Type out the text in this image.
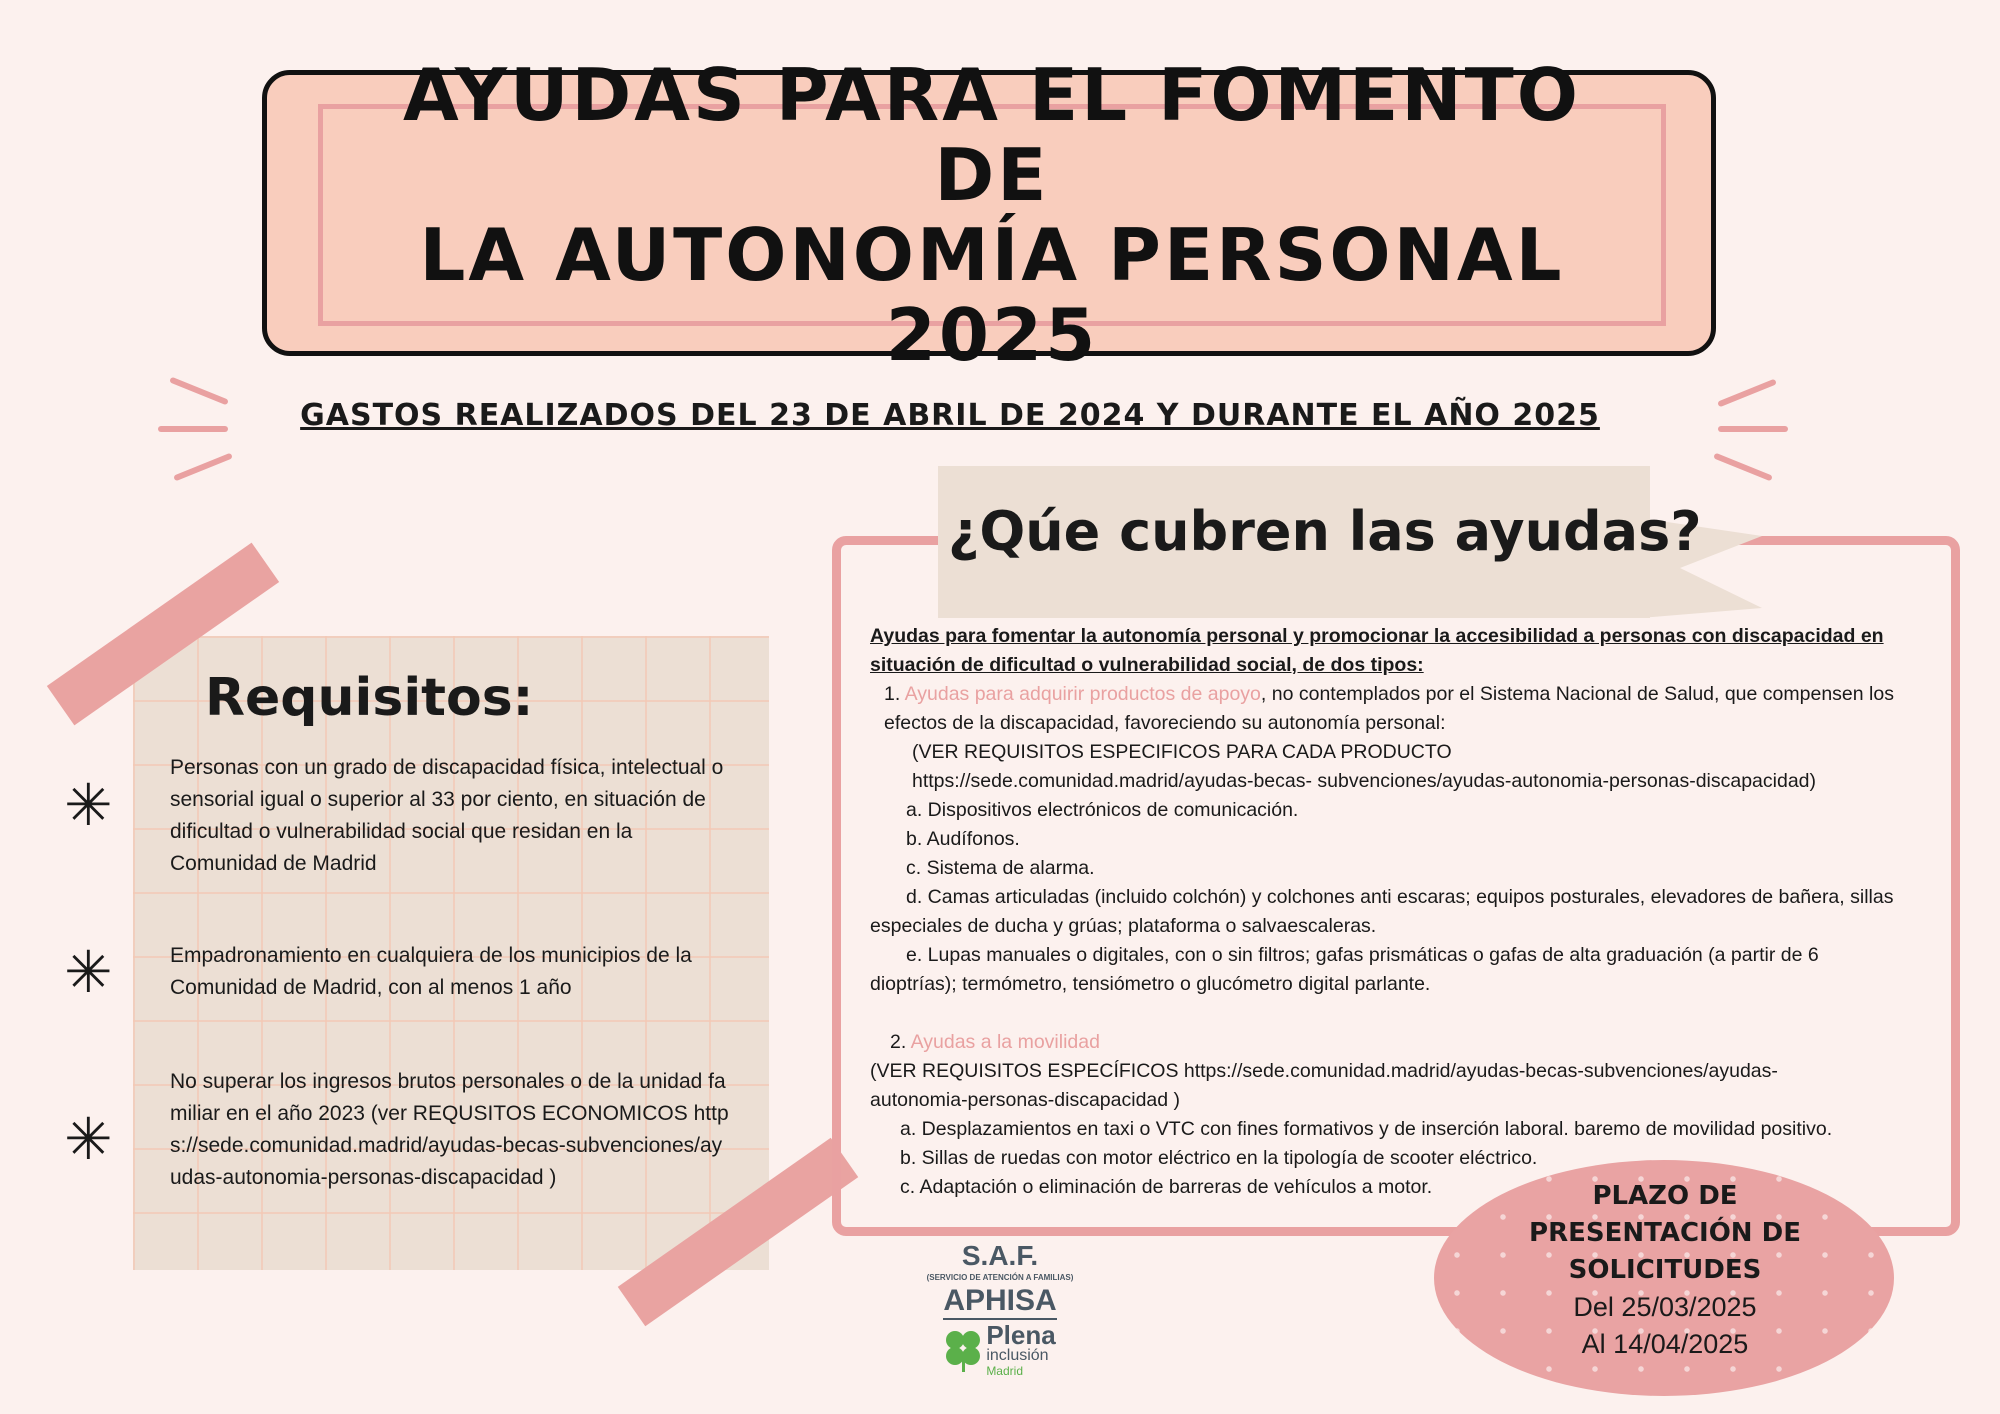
AYUDAS PARA EL FOMENTO DE
LA AUTONOMÍA PERSONAL 2025
GASTOS REALIZADOS DEL 23 DE ABRIL DE 2024 Y DURANTE EL AÑO 2025
Requisitos:
✳
Personas con un grado de discapacidad física, intelectual o sensorial igual o superior al 33 por ciento, en situación de dificultad o vulnerabilidad social que residan en la Comunidad de Madrid
✳	Empadronamiento en cualquiera de los municipios de la Comunidad de Madrid, con al menos 1 año
✳
No superar los ingresos brutos personales o de la unidad familiar en el año 2023 (ver REQUSITOS ECONOMICOS https://sede.comunidad.madrid/ayudas-becas-subvenciones/ayudas-autonomia-personas-discapacidad )
¿Qúe cubren las ayudas?
Ayudas para fomentar la autonomía personal y promocionar la accesibilidad a personas con discapacidad en situación de dificultad o vulnerabilidad social, de dos tipos:
1. Ayudas para adquirir productos de apoyo, no contemplados por el Sistema Nacional de Salud, que compensen los efectos de la discapacidad, favoreciendo su autonomía personal:
(VER REQUISITOS ESPECIFICOS PARA CADA PRODUCTO
https://sede.comunidad.madrid/ayudas-becas- subvenciones/ayudas-autonomia-personas-discapacidad)
a. Dispositivos electrónicos de comunicación.
b. Audífonos.
c. Sistema de alarma.
d. Camas articuladas (incluido colchón) y colchones anti escaras; equipos posturales, elevadores de bañera, sillas especiales de ducha y grúas; plataforma o salvaescaleras.
e. Lupas manuales o digitales, con o sin filtros; gafas prismáticas o gafas de alta graduación (a partir de 6 dioptrías); termómetro, tensiómetro o glucómetro digital parlante.
2. Ayudas a la movilidad
(VER REQUISITOS ESPECÍFICOS https://sede.comunidad.madrid/ayudas-becas-subvenciones/ayudas-autonomia-personas-discapacidad )
a. Desplazamientos en taxi o VTC con fines formativos y de inserción laboral. baremo de movilidad positivo.
b. Sillas de ruedas con motor eléctrico en la tipología de scooter eléctrico.
c. Adaptación o eliminación de barreras de vehículos a motor.	PLAZO DE PRESENTACIÓN DE SOLICITUDES
Del 25/03/2025
Al 14/04/2025
S.A.F.
(SERVICIO DE ATENCIÓN A FAMILIAS)
APHISA
Plena
inclusión
Madrid
